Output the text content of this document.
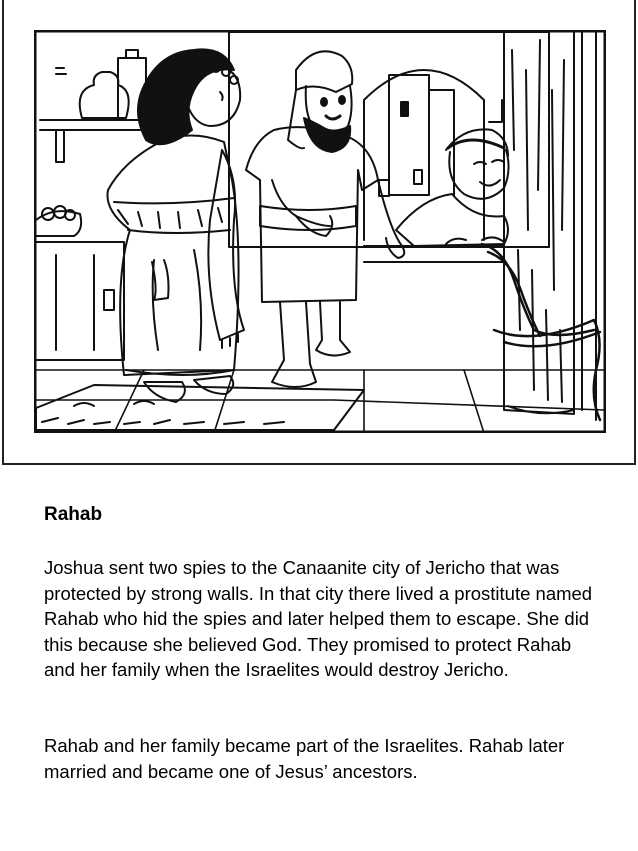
Rahab

Joshua sent two spies to the Canaanite city of Jericho that was protected by strong walls. In that city there lived a prostitute named Rahab who hid the spies and later helped them to escape. She did this because she believed God. They promised to protect Rahab and her family when the Israelites would destroy Jericho.

Rahab and her family became part of the Israelites. Rahab later married and became one of Jesus’ ancestors.
